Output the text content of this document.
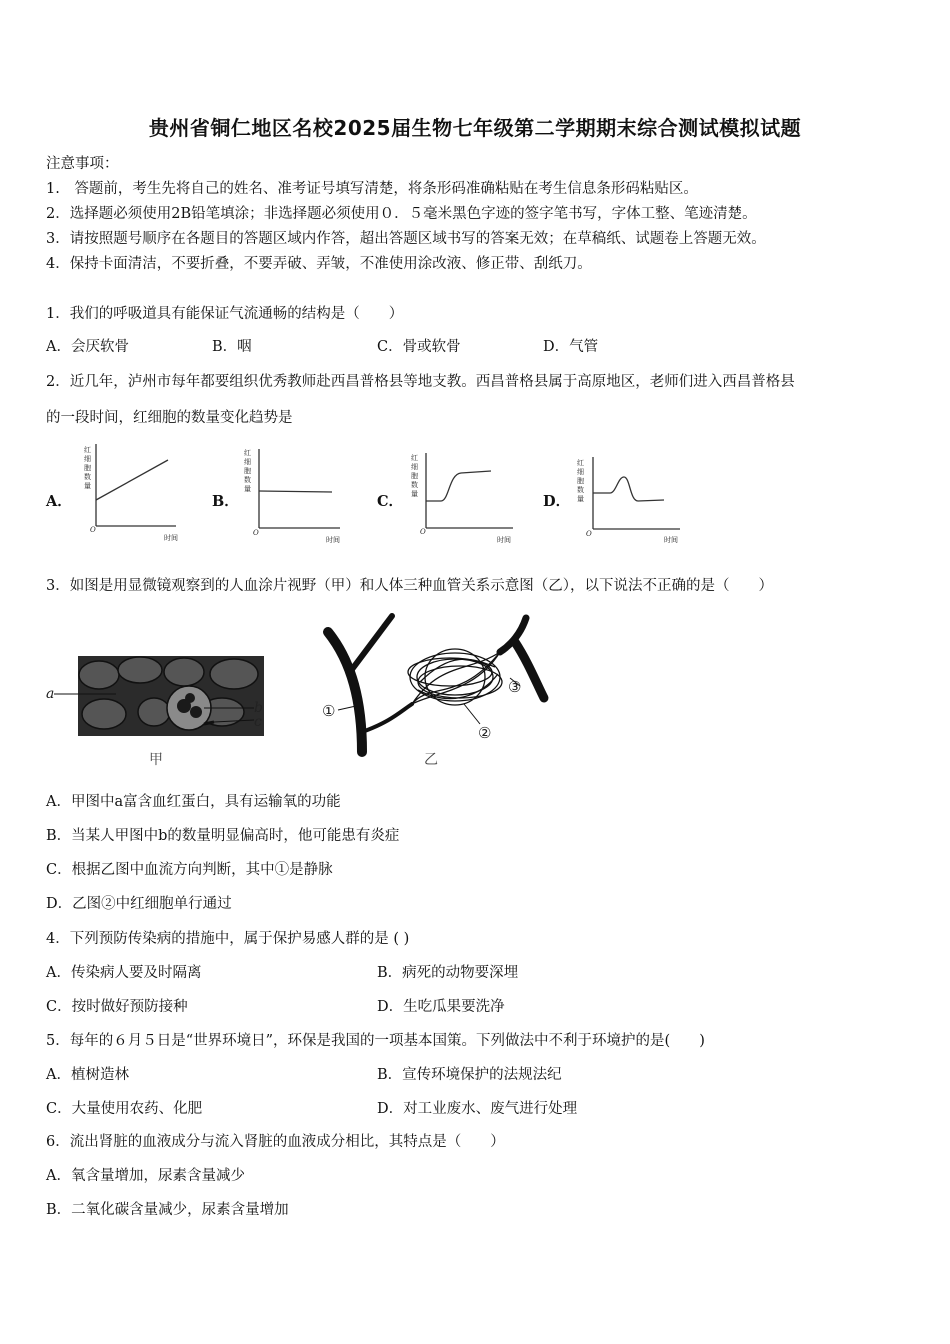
贵州省铜仁地区名校2025届生物七年级第二学期期末综合测试模拟试题
注意事项：
1.　答题前，考生先将自己的姓名、准考证号填写清楚，将条形码准确粘贴在考生信息条形码粘贴区。
2．选择题必须使用2B铅笔填涂；非选择题必须使用０．５毫米黑色字迹的签字笔书写，字体工整、笔迹清楚。
3．请按照题号顺序在各题目的答题区域内作答，超出答题区域书写的答案无效；在草稿纸、试题卷上答题无效。
4．保持卡面清洁，不要折叠，不要弄破、弄皱，不准使用涂改液、修正带、刮纸刀。
1．我们的呼吸道具有能保证气流通畅的结构是（　　）
A．会厌软骨	B．咽	C．骨或软骨	D．气管
2．近几年，泸州市每年都要组织优秀教师赴西昌普格县等地支教。西昌普格县属于高原地区，老师们进入西昌普格县
的一段时间，红细胞的数量变化趋势是
A．	B．	C．	D．
红
细
胞
数
量
O
时间
红
细
胞
数
量
O
时间
红
细
胞
数
量
O
时间
红
细
胞
数
量
O
时间
3．如图是用显微镜观察到的人血涂片视野（甲）和人体三种血管关系示意图（乙），以下说法不正确的是（　　）
a
b
c
甲
①
②
③
乙
A．甲图中a富含血红蛋白，具有运输氧的功能
B．当某人甲图中b的数量明显偏高时，他可能患有炎症
C．根据乙图中血流方向判断，其中①是静脉
D．乙图②中红细胞单行通过
4．下列预防传染病的措施中，属于保护易感人群的是 ( )
A．传染病人要及时隔离	B．病死的动物要深埋
C．按时做好预防接种	D．生吃瓜果要洗净
5．每年的６月５日是“世界环境日”，环保是我国的一项基本国策。下列做法中不利于环境护的是(　　)
A．植树造林	B．宣传环境保护的法规法纪
C．大量使用农药、化肥	D．对工业废水、废气进行处理
6．流出肾脏的血液成分与流入肾脏的血液成分相比，其特点是（　　）
A．氧含量增加，尿素含量减少
B．二氧化碳含量减少，尿素含量增加
